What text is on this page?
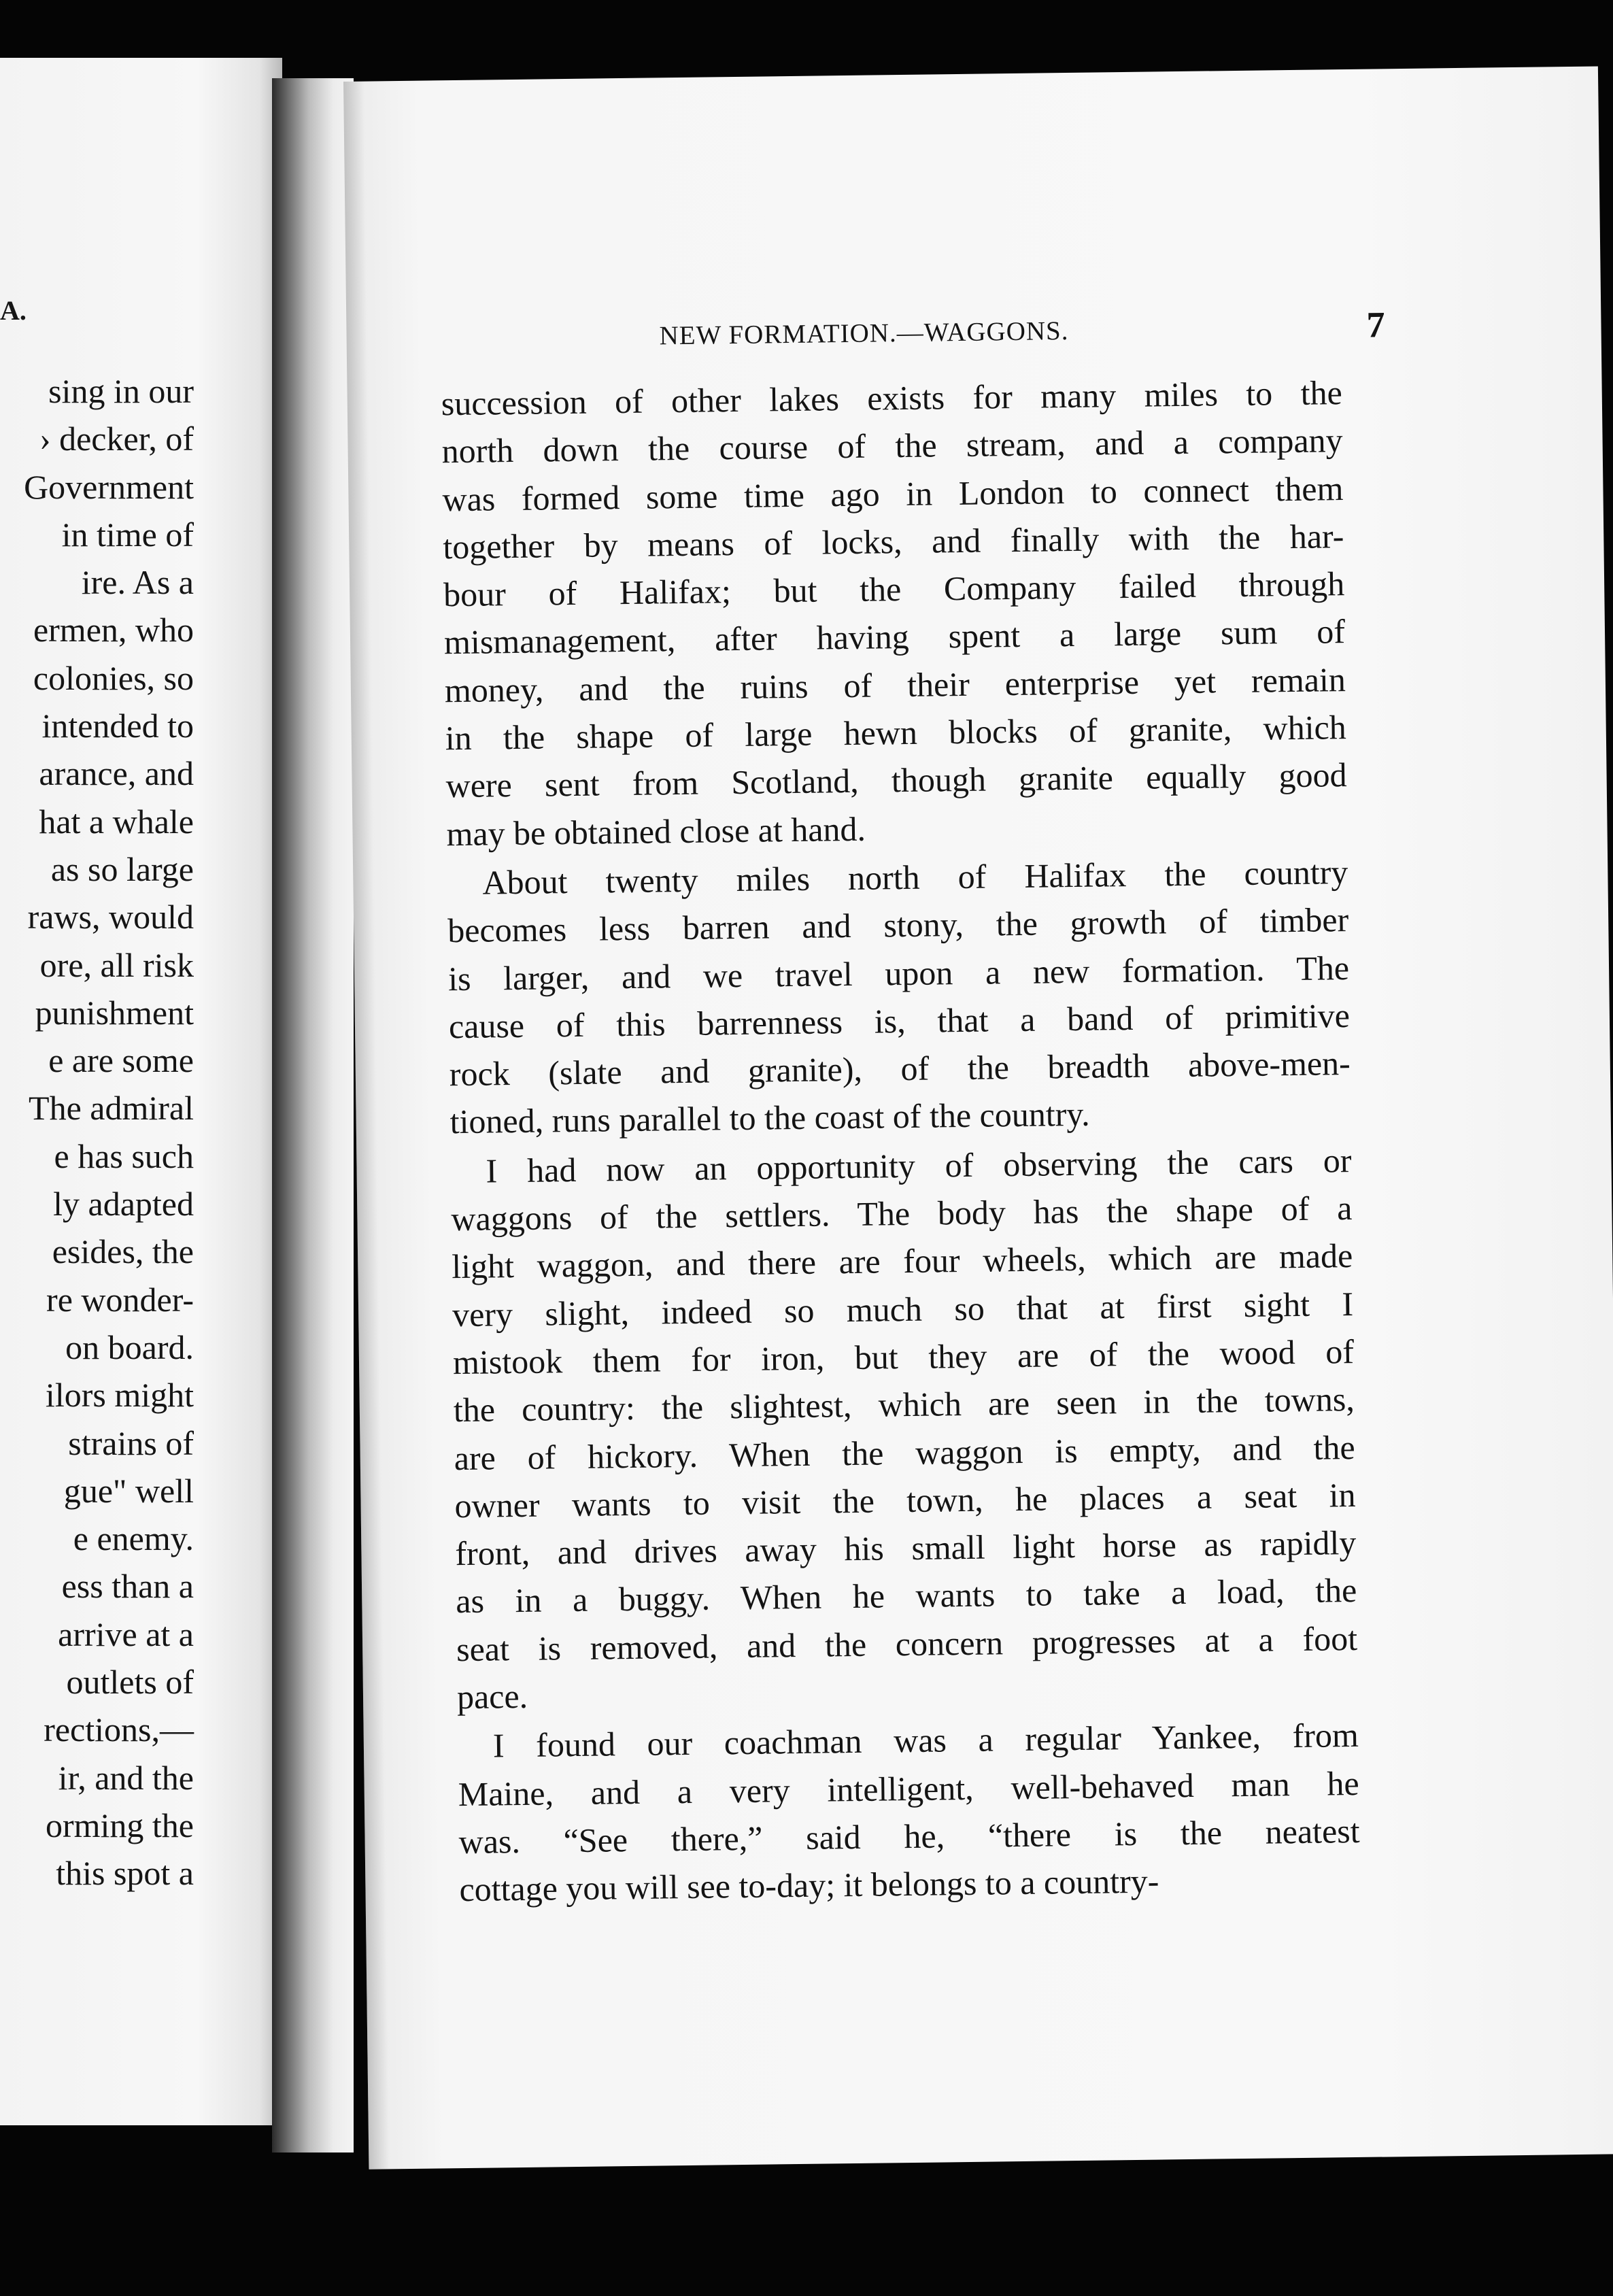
A.
sing in our
› decker, of
Government
in time of
ire. As a
ermen, who
colonies, so
intended to
arance, and
hat a whale
as so large
raws, would
ore, all risk
punishment
e are some
The admiral
e has such
ly adapted
esides, the
re wonder-
on board.
ilors might
strains of
gue" well
e enemy.
ess than a
arrive at a
outlets of
rections,—
ir, and the
orming the
this spot a
NEW FORMATION.—WAGGONS.	7
succession of other lakes exists for many miles to the
north down the course of the stream, and a company
was formed some time ago in London to connect them
together by means of locks, and finally with the har-
bour of Halifax; but the Company failed through
mismanagement, after having spent a large sum of
money, and the ruins of their enterprise yet remain
in the shape of large hewn blocks of granite, which
were sent from Scotland, though granite equally good
may be obtained close at hand.
About twenty miles north of Halifax the country
becomes less barren and stony, the growth of timber
is larger, and we travel upon a new formation. The
cause of this barrenness is, that a band of primitive
rock (slate and granite), of the breadth above-men-
tioned, runs parallel to the coast of the country.
I had now an opportunity of observing the cars or
waggons of the settlers. The body has the shape of a
light waggon, and there are four wheels, which are made
very slight, indeed so much so that at first sight I
mistook them for iron, but they are of the wood of
the country: the slightest, which are seen in the towns,
are of hickory. When the waggon is empty, and the
owner wants to visit the town, he places a seat in
front, and drives away his small light horse as rapidly
as in a buggy. When he wants to take a load, the
seat is removed, and the concern progresses at a foot
pace.
I found our coachman was a regular Yankee, from
Maine, and a very intelligent, well-behaved man he
was. “See there,” said he, “there is the neatest
cottage you will see to-day; it belongs to a country-
